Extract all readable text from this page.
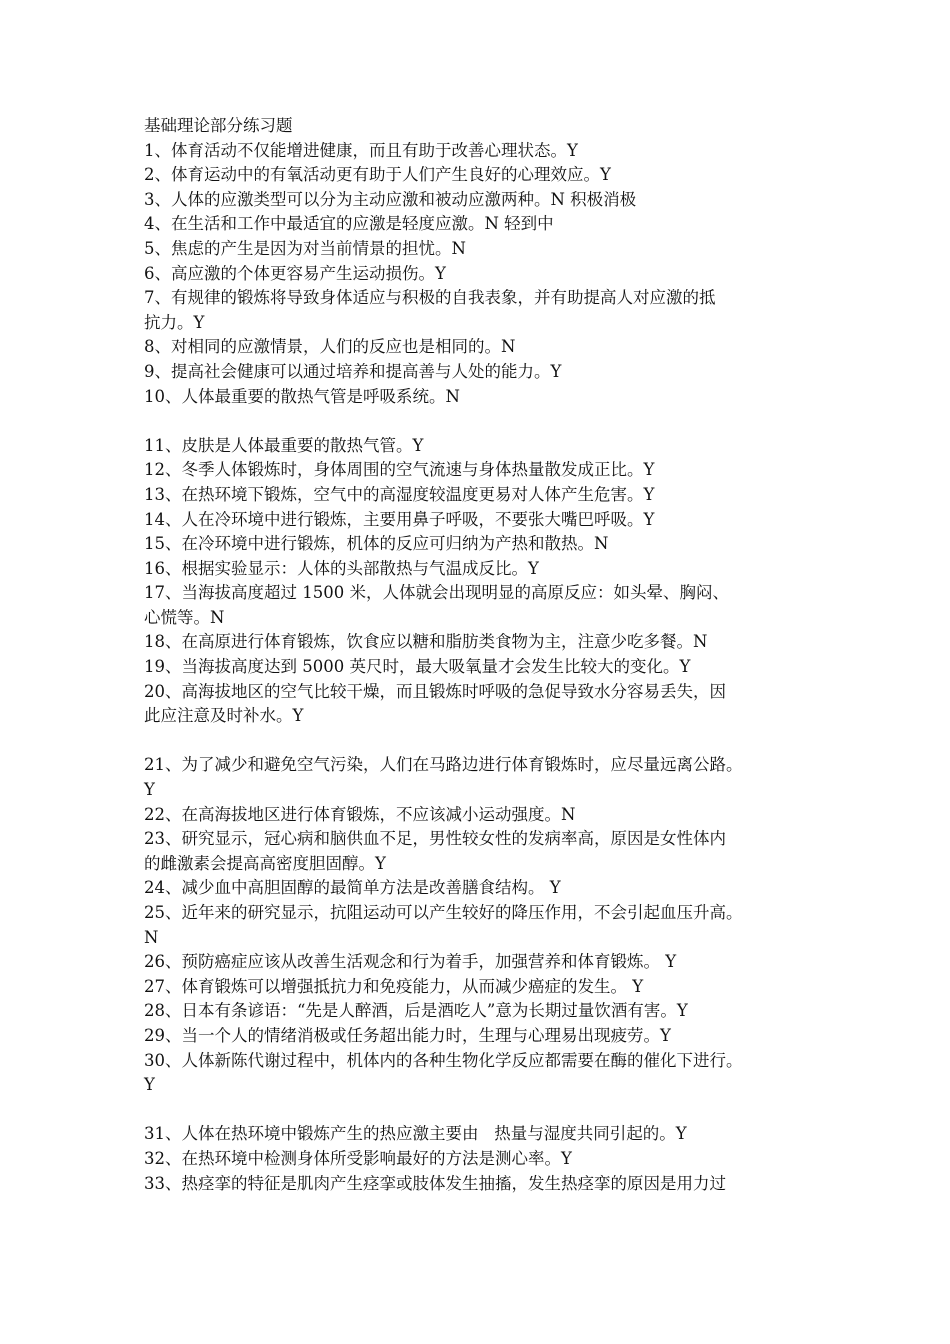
基础理论部分练习题
1、体育活动不仅能增进健康，而且有助于改善心理状态。Y
2、体育运动中的有氧活动更有助于人们产生良好的心理效应。Y
3、人体的应激类型可以分为主动应激和被动应激两种。N 积极消极
4、在生活和工作中最适宜的应激是轻度应激。N 轻到中
5、焦虑的产生是因为对当前情景的担忧。N
6、高应激的个体更容易产生运动损伤。Y
7、有规律的锻炼将导致身体适应与积极的自我表象，并有助提高人对应激的抵
抗力。Y
8、对相同的应激情景，人们的反应也是相同的。N
9、提高社会健康可以通过培养和提高善与人处的能力。Y
10、人体最重要的散热气管是呼吸系统。N
11、皮肤是人体最重要的散热气管。Y
12、冬季人体锻炼时，身体周围的空气流速与身体热量散发成正比。Y
13、在热环境下锻炼，空气中的高湿度较温度更易对人体产生危害。Y
14、人在冷环境中进行锻炼，主要用鼻子呼吸，不要张大嘴巴呼吸。Y
15、在冷环境中进行锻炼，机体的反应可归纳为产热和散热。N
16、根据实验显示：人体的头部散热与气温成反比。Y
17、当海拔高度超过 1500 米，人体就会出现明显的高原反应：如头晕、胸闷、
心慌等。N
18、在高原进行体育锻炼，饮食应以糖和脂肪类食物为主，注意少吃多餐。N
19、当海拔高度达到 5000 英尺时，最大吸氧量才会发生比较大的变化。Y
20、高海拔地区的空气比较干燥，而且锻炼时呼吸的急促导致水分容易丢失，因
此应注意及时补水。Y
21、为了减少和避免空气污染，人们在马路边进行体育锻炼时，应尽量远离公路。
Y
22、在高海拔地区进行体育锻炼，不应该减小运动强度。N
23、研究显示，冠心病和脑供血不足，男性较女性的发病率高，原因是女性体内
的雌激素会提高高密度胆固醇。Y
24、减少血中高胆固醇的最简单方法是改善膳食结构。 Y
25、近年来的研究显示，抗阻运动可以产生较好的降压作用，不会引起血压升高。
N
26、预防癌症应该从改善生活观念和行为着手，加强营养和体育锻炼。 Y
27、体育锻炼可以增强抵抗力和免疫能力，从而减少癌症的发生。 Y
28、日本有条谚语：“先是人醉酒，后是酒吃人”意为长期过量饮酒有害。Y
29、当一个人的情绪消极或任务超出能力时，生理与心理易出现疲劳。Y
30、人体新陈代谢过程中，机体内的各种生物化学反应都需要在酶的催化下进行。
Y
31、人体在热环境中锻炼产生的热应激主要由   热量与湿度共同引起的。Y
32、在热环境中检测身体所受影响最好的方法是测心率。Y
33、热痉挛的特征是肌肉产生痉挛或肢体发生抽搐，发生热痉挛的原因是用力过
